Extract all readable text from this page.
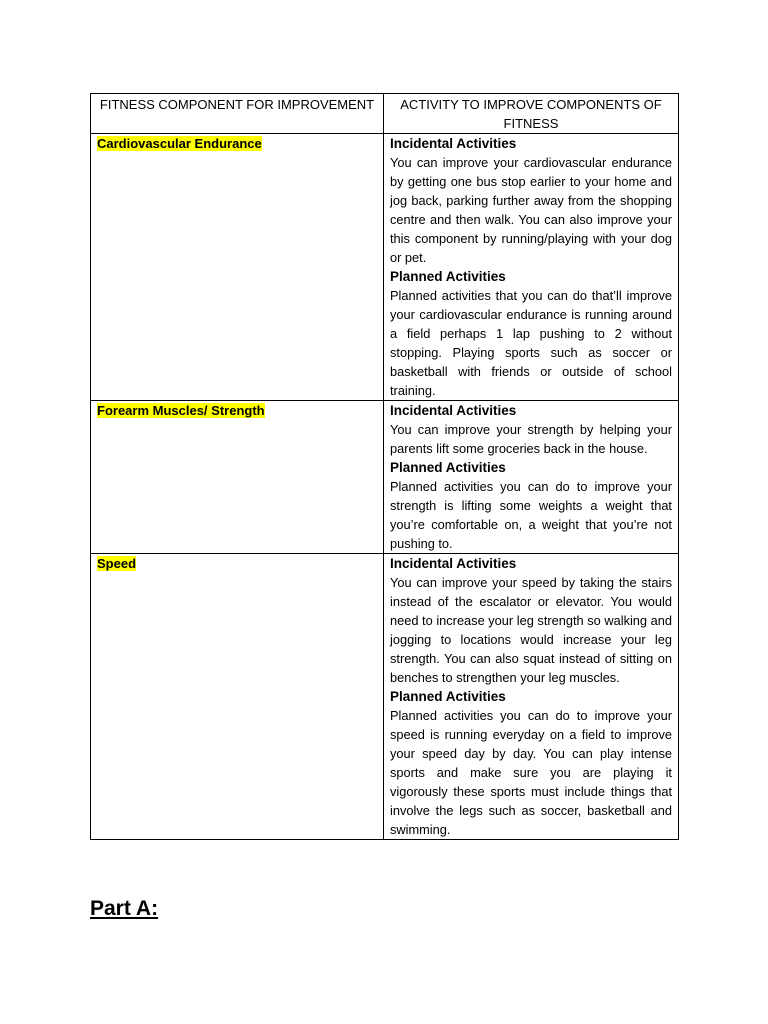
FITNESS COMPONENT FOR IMPROVEMENT	ACTIVITY TO IMPROVE COMPONENTS OF FITNESS
Cardiovascular Endurance	Incidental Activities
You can improve your cardiovascular endurance by getting one bus stop earlier to your home and jog back, parking further away from the shopping centre and then walk. You can also improve your this component by running/playing with your dog or pet.
Planned Activities
Planned activities that you can do that’ll improve your cardiovascular endurance is running around a field perhaps 1 lap pushing to 2 without stopping. Playing sports such as soccer or basketball with friends or outside of school training.

Forearm Muscles/ Strength	Incidental Activities
You can improve your strength by helping your parents lift some groceries back in the house.
Planned Activities
Planned activities you can do to improve your strength is lifting some weights a weight that you’re comfortable on, a weight that you’re not pushing to.

Speed	Incidental Activities
You can improve your speed by taking the stairs instead of the escalator or elevator. You would need to increase your leg strength so walking and jogging to locations would increase your leg strength. You can also squat instead of sitting on benches to strengthen your leg muscles.
Planned Activities
Planned activities you can do to improve your speed is running everyday on a field to improve your speed day by day. You can play intense sports and make sure you are playing it vigorously these sports must include things that involve the legs such as soccer, basketball and swimming.
Part A:
